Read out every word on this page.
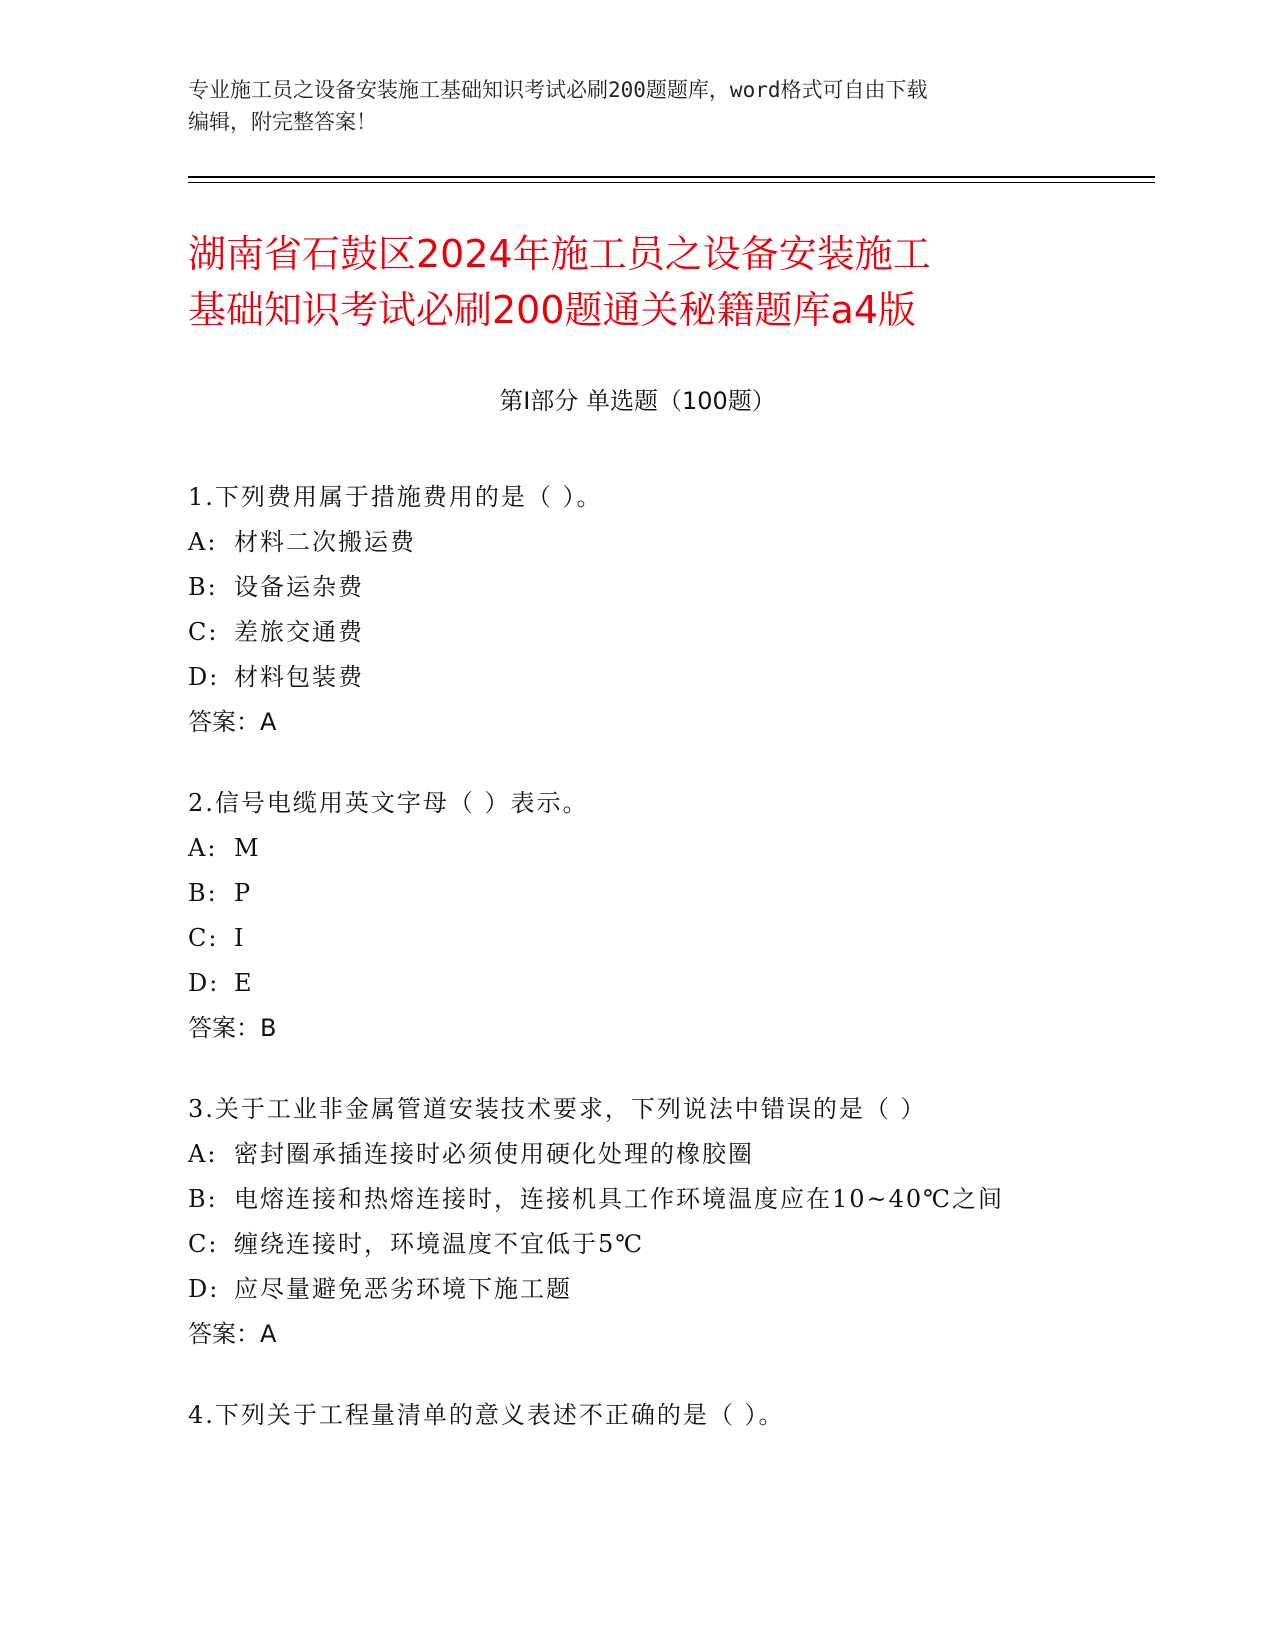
专业施工员之设备安装施工基础知识考试必刷200题题库，word格式可自由下载
编辑，附完整答案！
湖南省石鼓区2024年施工员之设备安装施工
基础知识考试必刷200题通关秘籍题库a4版
第Ⅰ部分 单选题（100题）
1.下列费用属于措施费用的是（ ）。
A: 材料二次搬运费
B: 设备运杂费
C: 差旅交通费
D: 材料包装费
答案：A
2.信号电缆用英文字母（ ）表示。
A: M
B: P
C: I
D: E
答案：B
3.关于工业非金属管道安装技术要求，下列说法中错误的是（ ）
A: 密封圈承插连接时必须使用硬化处理的橡胶圈
B: 电熔连接和热熔连接时，连接机具工作环境温度应在10~40℃之间
C: 缠绕连接时，环境温度不宜低于5℃
D: 应尽量避免恶劣环境下施工题
答案：A
4.下列关于工程量清单的意义表述不正确的是（ ）。
